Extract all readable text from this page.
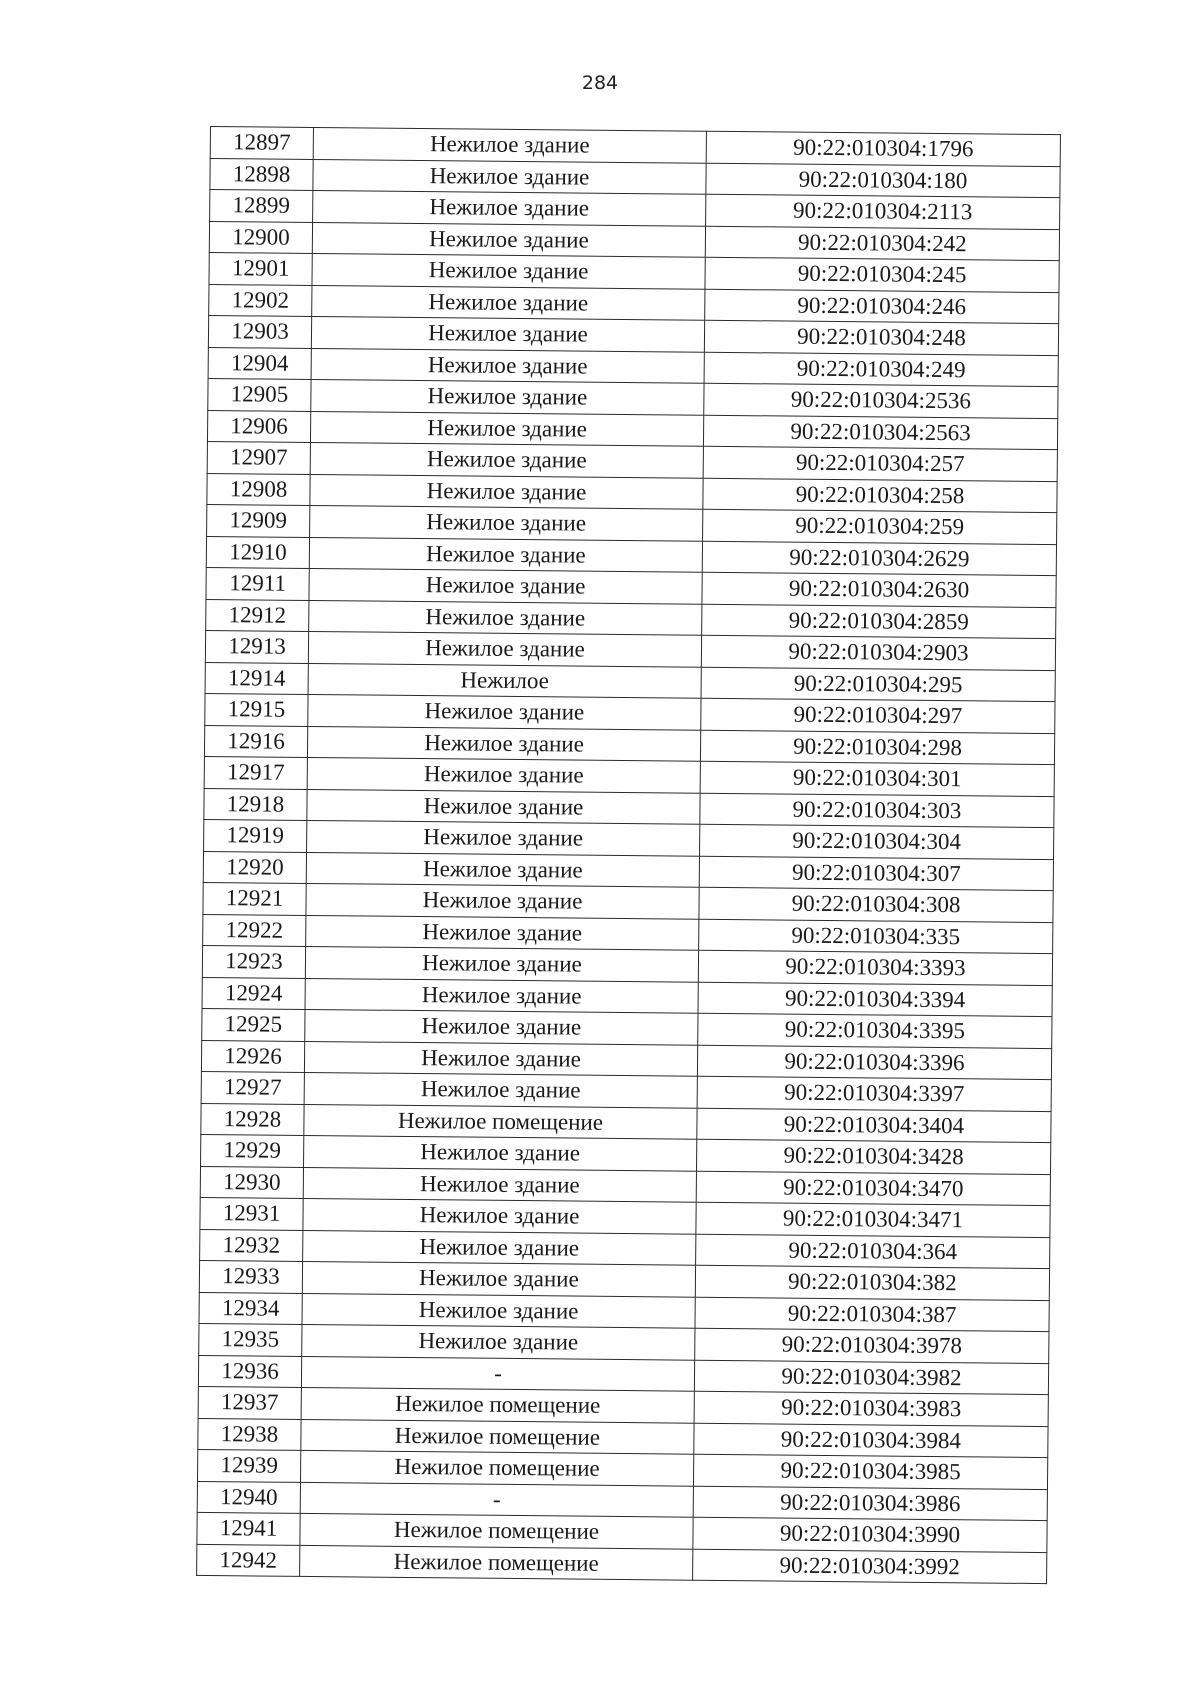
284
12897	Нежилое здание	90:22:010304:1796
12898	Нежилое здание	90:22:010304:180
12899	Нежилое здание	90:22:010304:2113
12900	Нежилое здание	90:22:010304:242
12901	Нежилое здание	90:22:010304:245
12902	Нежилое здание	90:22:010304:246
12903	Нежилое здание	90:22:010304:248
12904	Нежилое здание	90:22:010304:249
12905	Нежилое здание	90:22:010304:2536
12906	Нежилое здание	90:22:010304:2563
12907	Нежилое здание	90:22:010304:257
12908	Нежилое здание	90:22:010304:258
12909	Нежилое здание	90:22:010304:259
12910	Нежилое здание	90:22:010304:2629
12911	Нежилое здание	90:22:010304:2630
12912	Нежилое здание	90:22:010304:2859
12913	Нежилое здание	90:22:010304:2903
12914	Нежилое	90:22:010304:295
12915	Нежилое здание	90:22:010304:297
12916	Нежилое здание	90:22:010304:298
12917	Нежилое здание	90:22:010304:301
12918	Нежилое здание	90:22:010304:303
12919	Нежилое здание	90:22:010304:304
12920	Нежилое здание	90:22:010304:307
12921	Нежилое здание	90:22:010304:308
12922	Нежилое здание	90:22:010304:335
12923	Нежилое здание	90:22:010304:3393
12924	Нежилое здание	90:22:010304:3394
12925	Нежилое здание	90:22:010304:3395
12926	Нежилое здание	90:22:010304:3396
12927	Нежилое здание	90:22:010304:3397
12928	Нежилое помещение	90:22:010304:3404
12929	Нежилое здание	90:22:010304:3428
12930	Нежилое здание	90:22:010304:3470
12931	Нежилое здание	90:22:010304:3471
12932	Нежилое здание	90:22:010304:364
12933	Нежилое здание	90:22:010304:382
12934	Нежилое здание	90:22:010304:387
12935	Нежилое здание	90:22:010304:3978
12936	-	90:22:010304:3982
12937	Нежилое помещение	90:22:010304:3983
12938	Нежилое помещение	90:22:010304:3984
12939	Нежилое помещение	90:22:010304:3985
12940	-	90:22:010304:3986
12941	Нежилое помещение	90:22:010304:3990
12942	Нежилое помещение	90:22:010304:3992
